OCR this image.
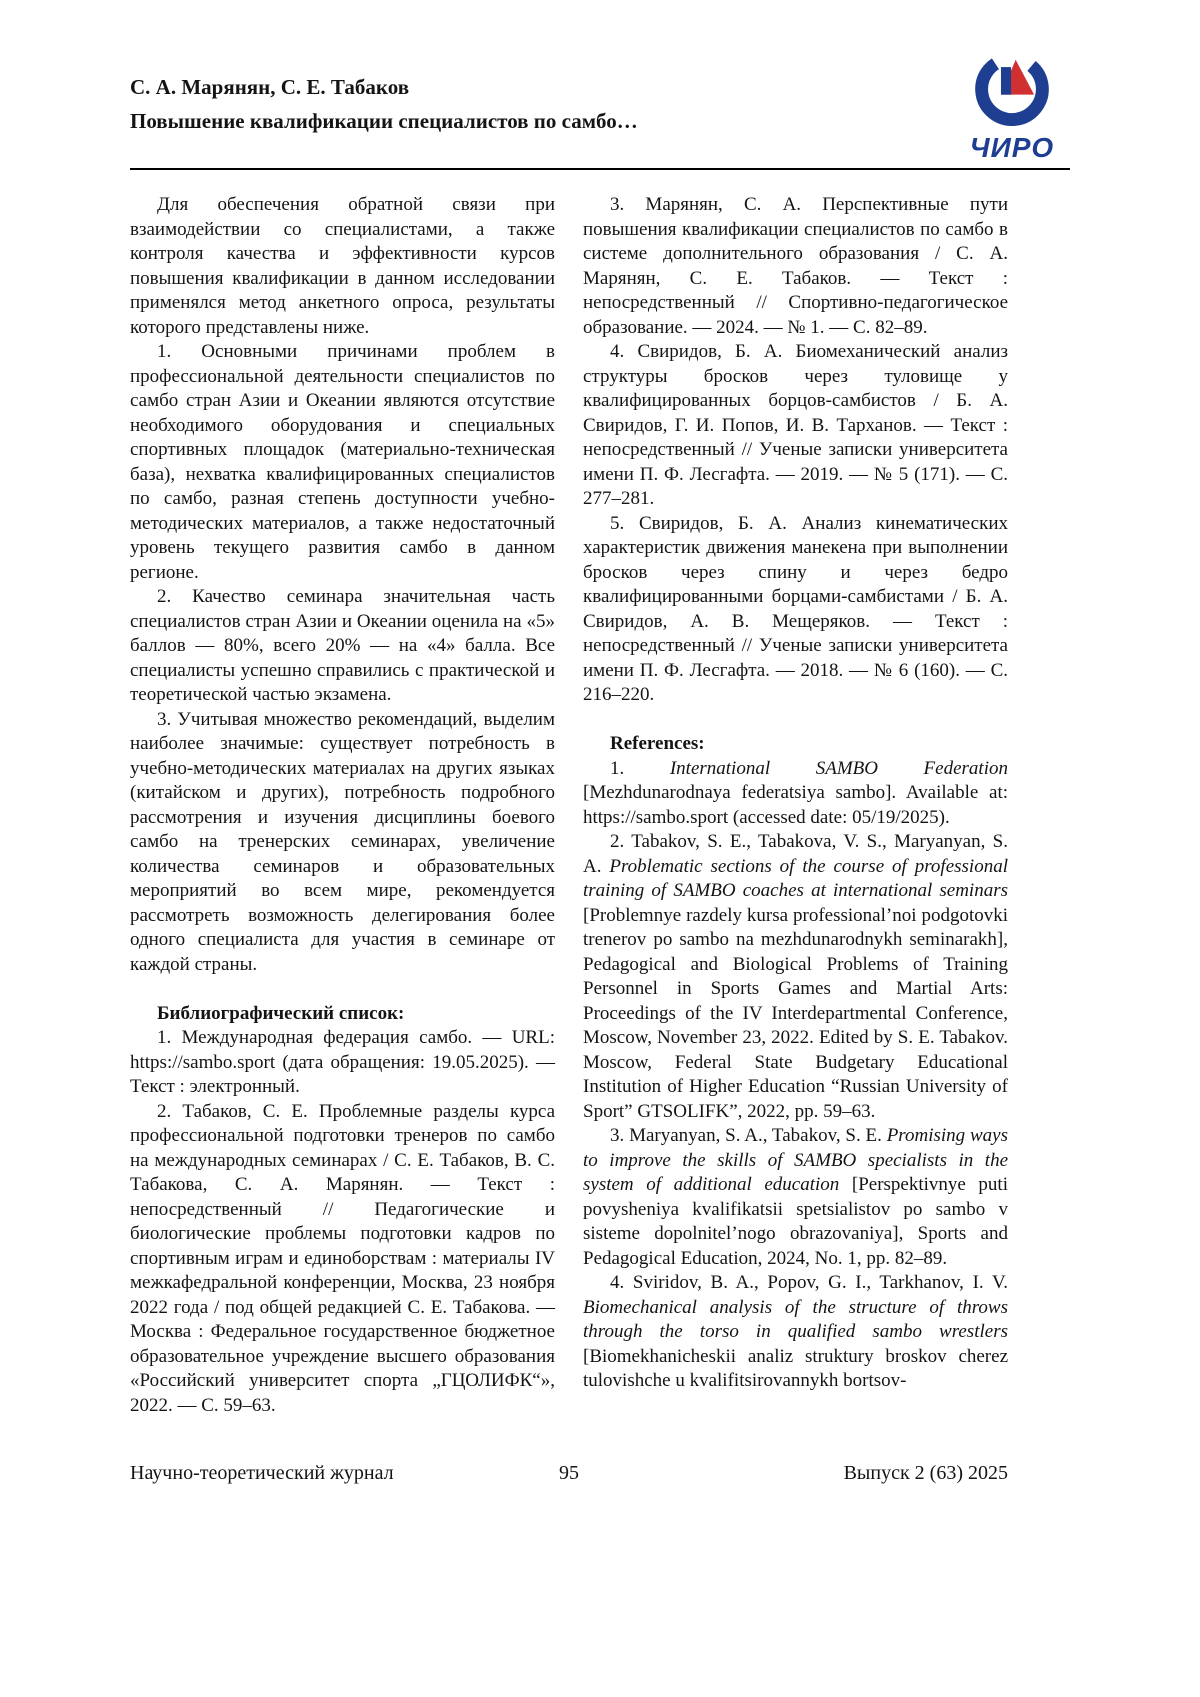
С. А. Марянян, С. Е. Табаков
Повышение квалификации специалистов по самбо…
ЧИРО

Для обеспечения обратной связи при взаимодействии со специалистами, а также контроля качества и эффективности курсов повышения квалификации в данном исследовании применялся метод анкетного опроса, результаты которого представлены ниже.

1. Основными причинами проблем в профессиональной деятельности специалистов по самбо стран Азии и Океании являются отсутствие необходимого оборудования и специальных спортивных площадок (материально-техническая база), нехватка квалифицированных специалистов по самбо, разная степень доступности учебно-методических материалов, а также недостаточный уровень текущего развития самбо в данном регионе.

2. Качество семинара значительная часть специалистов стран Азии и Океании оценила на «5» баллов — 80%, всего 20% — на «4» балла. Все специалисты успешно справились с практической и теоретической частью экзамена.

3. Учитывая множество рекомендаций, выделим наиболее значимые: существует потребность в учебно-методических материалах на других языках (китайском и других), потребность подробного рассмотрения и изучения дисциплины боевого самбо на тренерских семинарах, увеличение количества семинаров и образовательных мероприятий во всем мире, рекомендуется рассмотреть возможность делегирования более одного специалиста для участия в семинаре от каждой страны.

Библиографический список:

1. Международная федерация самбо. — URL: https://sambo.sport (дата обращения: 19.05.2025). — Текст : электронный.

2. Табаков, С. Е. Проблемные разделы курса профессиональной подготовки тренеров по самбо на международных семинарах / С. Е. Табаков, В. С. Табакова, С. А. Марянян. — Текст : непосредственный // Педагогические и биологические проблемы подготовки кадров по спортивным играм и единоборствам : материалы IV межкафедральной конференции, Москва, 23 ноября 2022 года / под общей редакцией С. Е. Табакова. — Москва : Федеральное государственное бюджетное образовательное учреждение высшего образования «Российский университет спорта „ГЦОЛИФК“», 2022. — С. 59–63.

3. Марянян, С. А. Перспективные пути повышения квалификации специалистов по самбо в системе дополнительного образования / С. А. Марянян, С. Е. Табаков. — Текст : непосредственный // Спортивно-педагогическое образование. — 2024. — № 1. — С. 82–89.

4. Свиридов, Б. А. Биомеханический анализ структуры бросков через туловище у квалифицированных борцов-самбистов / Б. А. Свиридов, Г. И. Попов, И. В. Тарханов. — Текст : непосредственный // Ученые записки университета имени П. Ф. Лесгафта. — 2019. — № 5 (171). — С. 277–281.

5. Свиридов, Б. А. Анализ кинематических характеристик движения манекена при выполнении бросков через спину и через бедро квалифицированными борцами-самбистами / Б. А. Свиридов, А. В. Мещеряков. — Текст : непосредственный // Ученые записки университета имени П. Ф. Лесгафта. — 2018. — № 6 (160). — С. 216–220.

References:

1. International SAMBO Federation [Mezhdunarodnaya federatsiya sambo]. Available at: https://sambo.sport (accessed date: 05/19/2025).

2. Tabakov, S. E., Tabakova, V. S., Maryanyan, S. A. Problematic sections of the course of professional training of SAMBO coaches at international seminars [Problemnye razdely kursa professional’noi podgotovki trenerov po sambo na mezhdunarodnykh seminarakh], Pedagogical and Biological Problems of Training Personnel in Sports Games and Martial Arts: Proceedings of the IV Interdepartmental Conference, Moscow, November 23, 2022. Edited by S. E. Tabakov. Moscow, Federal State Budgetary Educational Institution of Higher Education “Russian University of Sport” GTSOLIFK”, 2022, pp. 59–63.

3. Maryanyan, S. A., Tabakov, S. E. Promising ways to improve the skills of SAMBO specialists in the system of additional education [Perspektivnye puti povysheniya kvalifikatsii spetsialistov po sambo v sisteme dopolnitel’nogo obrazovaniya], Sports and Pedagogical Education, 2024, No. 1, pp. 82–89.

4. Sviridov, B. A., Popov, G. I., Tarkhanov, I. V. Biomechanical analysis of the structure of throws through the torso in qualified sambo wrestlers [Biomekhanicheskii analiz struktury broskov cherez tulovishche u kvalifitsirovannykh bortsov-

Научно-теоретический журнал	95	Выпуск 2 (63) 2025
